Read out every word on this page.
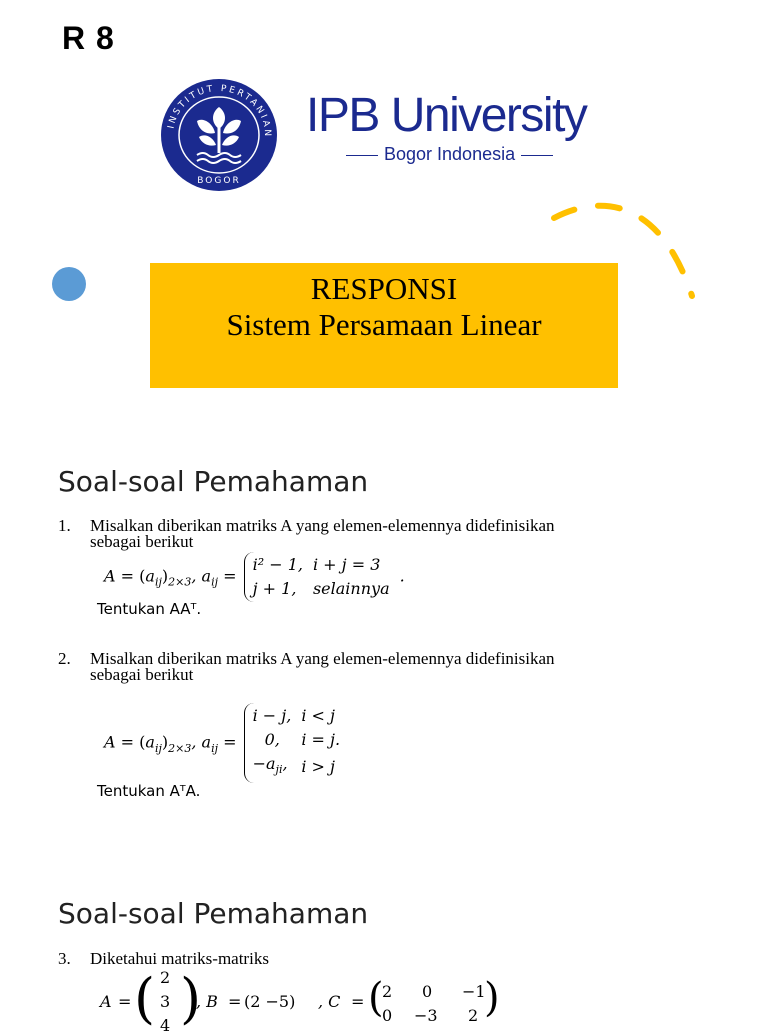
R 8
INSTITUT PERTANIAN
BOGOR
IPB University
Bogor Indonesia
RESPONSI
Sistem Persamaan Linear
Soal-soal Pemahaman
1. Misalkan diberikan matriks A yang elemen-elemennya didefinisikan
sebagai berikut
$A = (a_{ij})_{2\times 3}$, $a_{ij} = i^2 - 1$,	i + j = 3
j + 1,	selainnya.
Tentukan AAᵀ.
2. Misalkan diberikan matriks A yang elemen-elemennya didefinisikan
sebagai berikut
$A = (a_{ij})_{2\times 3}$, $a_{ij} = i - j$,	i < j
0,	i = j.
$-a_{ji}$,	i > j
Tentukan AᵀA.
Soal-soal Pemahaman
3. Diketahui matriks-matriks
A = ( 2
3
4 )
, B = (2 −5) , C = (
2 0 −1
0 −3 2 )
